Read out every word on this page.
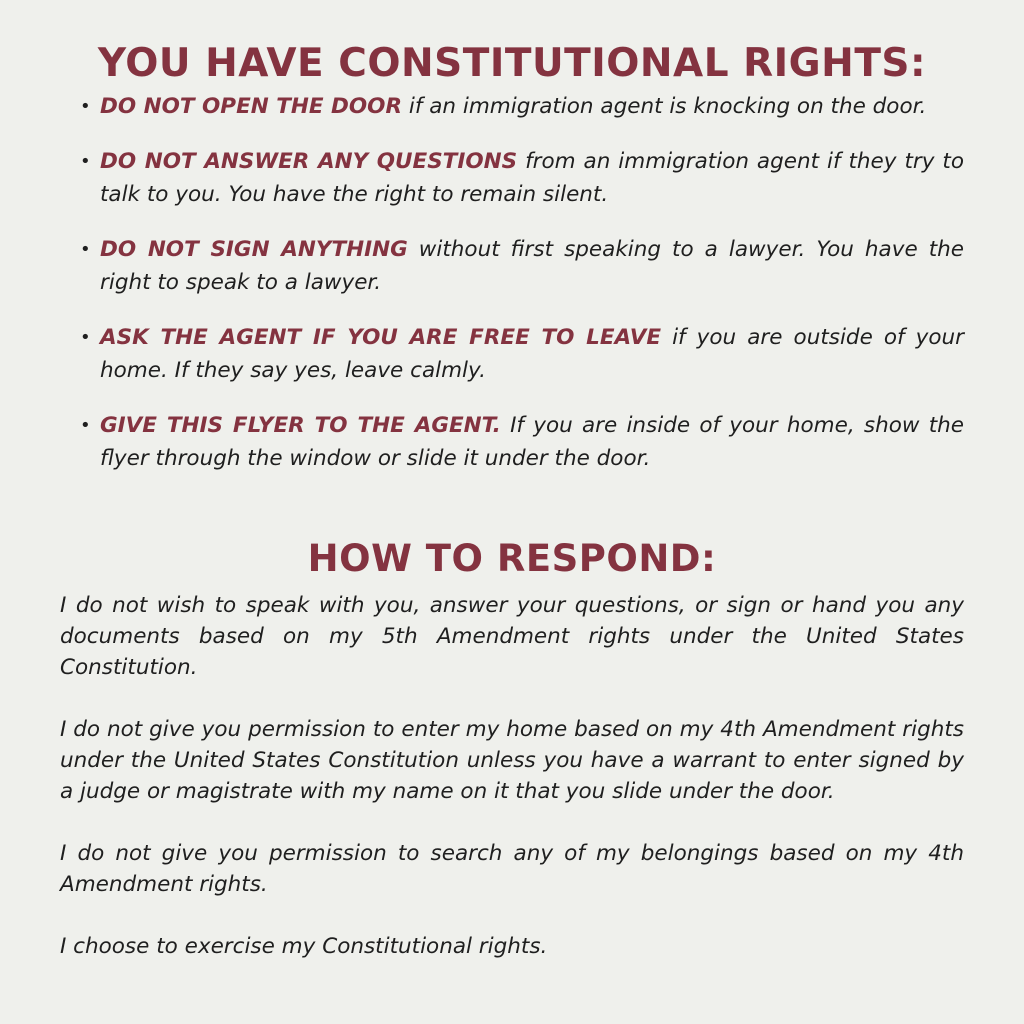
YOU HAVE CONSTITUTIONAL RIGHTS:
• DO NOT OPEN THE DOOR if an immigration agent is knocking on the door.
• DO NOT ANSWER ANY QUESTIONS from an immigration agent if they try to talk to you. You have the right to remain silent.
• DO NOT SIGN ANYTHING without first speaking to a lawyer. You have the right to speak to a lawyer.
• ASK THE AGENT IF YOU ARE FREE TO LEAVE if you are outside of your home. If they say yes, leave calmly.
• GIVE THIS FLYER TO THE AGENT. If you are inside of your home, show the flyer through the window or slide it under the door.
HOW TO RESPOND:

I do not wish to speak with you, answer your questions, or sign or hand you any documents based on my 5th Amendment rights under the United States Constitution.

I do not give you permission to enter my home based on my 4th Amendment rights under the United States Constitution unless you have a warrant to enter signed by a judge or magistrate with my name on it that you slide under the door.

I do not give you permission to search any of my belongings based on my 4th Amendment rights.

I choose to exercise my Constitutional rights.
